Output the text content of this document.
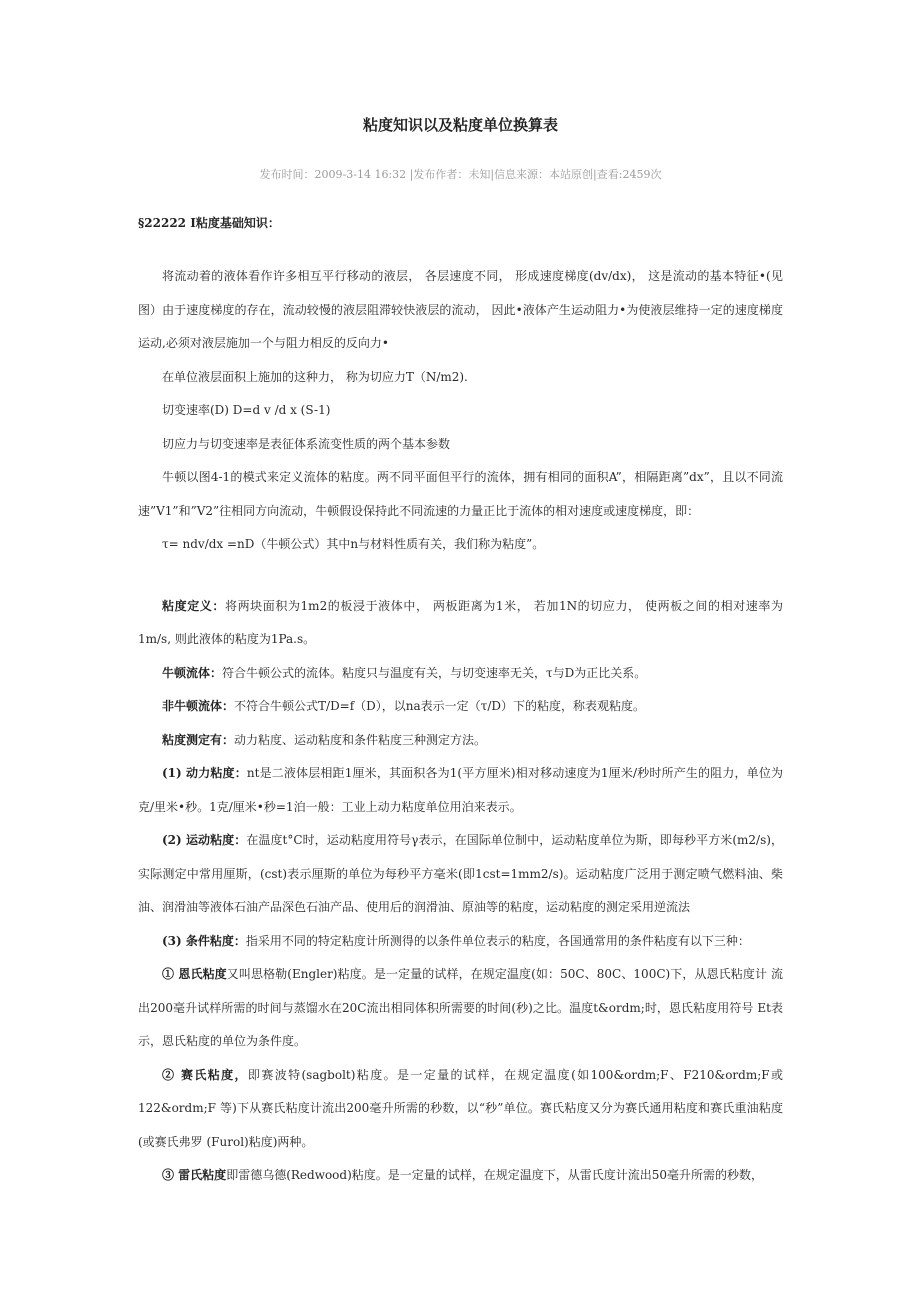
粘度知识以及粘度单位换算表
发布时间：2009-3-14 16:32 |发布作者：未知|信息来源：本站原创|查看:2459次
§22222 Ⅰ粘度基础知识：

将流动着的液体看作许多相互平行移动的液层， 各层速度不同， 形成速度梯度(dv/dx)， 这是流动的基本特征•(见图）由于速度梯度的存在，流动较慢的液层阻滞较快液层的流动， 因此•液体产生运动阻力•为使液层维持一定的速度梯度 运动,必须对液层施加一个与阻力相反的反向力•

在单位液层面积上施加的这种力， 称为切应力T（N/m2).

切变速率(D) D=d v /d x (S-1)

切应力与切变速率是表征体系流变性质的两个基本参数

牛顿以图4-1的模式来定义流体的粘度。两不同平面但平行的流体，拥有相同的面积A”，相隔距离”dx”，且以不同流速”V1”和”V2”往相同方向流动，牛顿假设保持此不同流速的力量正比于流体的相对速度或速度梯度，即：

τ= ndv/dx =nD（牛顿公式）其中n与材料性质有关，我们称为粘度”。

粘度定义：将两块面积为1m2的板浸于液体中， 两板距离为1米， 若加1N的切应力， 使两板之间的相对速率为1m/s, 则此液体的粘度为1Pa.s。

牛顿流体：符合牛顿公式的流体。粘度只与温度有关，与切变速率无关，τ与D为正比关系。

非牛顿流体：不符合牛顿公式T/D=f（D），以na表示一定（τ/D）下的粘度，称表观粘度。

粘度测定有：动力粘度、运动粘度和条件粘度三种测定方法。

(1) 动力粘度：nt是二液体层相距1厘米，其面积各为1(平方厘米)相对移动速度为1厘米/秒时所产生的阻力，单位为克/里米•秒。1克/厘米•秒=1泊一般：工业上动力粘度单位用泊来表示。

(2) 运动粘度：在温度t°C时，运动粘度用符号γ表示，在国际单位制中，运动粘度单位为斯，即每秒平方米(m2/s)， 实际测定中常用厘斯，(cst)表示厘斯的单位为每秒平方毫米(即1cst=1mm2/s)。运动粘度广泛用于测定喷气燃料油、柴 油、润滑油等液体石油产品深色石油产品、使用后的润滑油、原油等的粘度，运动粘度的测定采用逆流法

(3) 条件粘度：指采用不同的特定粘度计所测得的以条件单位表示的粘度，各国通常用的条件粘度有以下三种：

① 恩氏粘度又叫思格勒(Engler)粘度。是一定量的试样，在规定温度(如：50C、80C、100C)下，从恩氏粘度计 流出200毫升试样所需的时间与蒸馏水在20C流出相同体积所需要的时间(秒)之比。温度t&ordm;时，恩氏粘度用符号 Et表示，恩氏粘度的单位为条件度。

② 赛氏粘度，即赛波特(sagbolt)粘度。是一定量的试样，在规定温度(如100&ordm;F、F210&ordm;F或122&ordm;F 等)下从赛氏粘度计流出200毫升所需的秒数，以“秒”单位。赛氏粘度又分为赛氏通用粘度和赛氏重油粘度(或赛氏弗罗 (Furol)粘度)两种。

③ 雷氏粘度即雷德乌德(Redwood)粘度。是一定量的试样，在规定温度下，从雷氏度计流出50毫升所需的秒数，
